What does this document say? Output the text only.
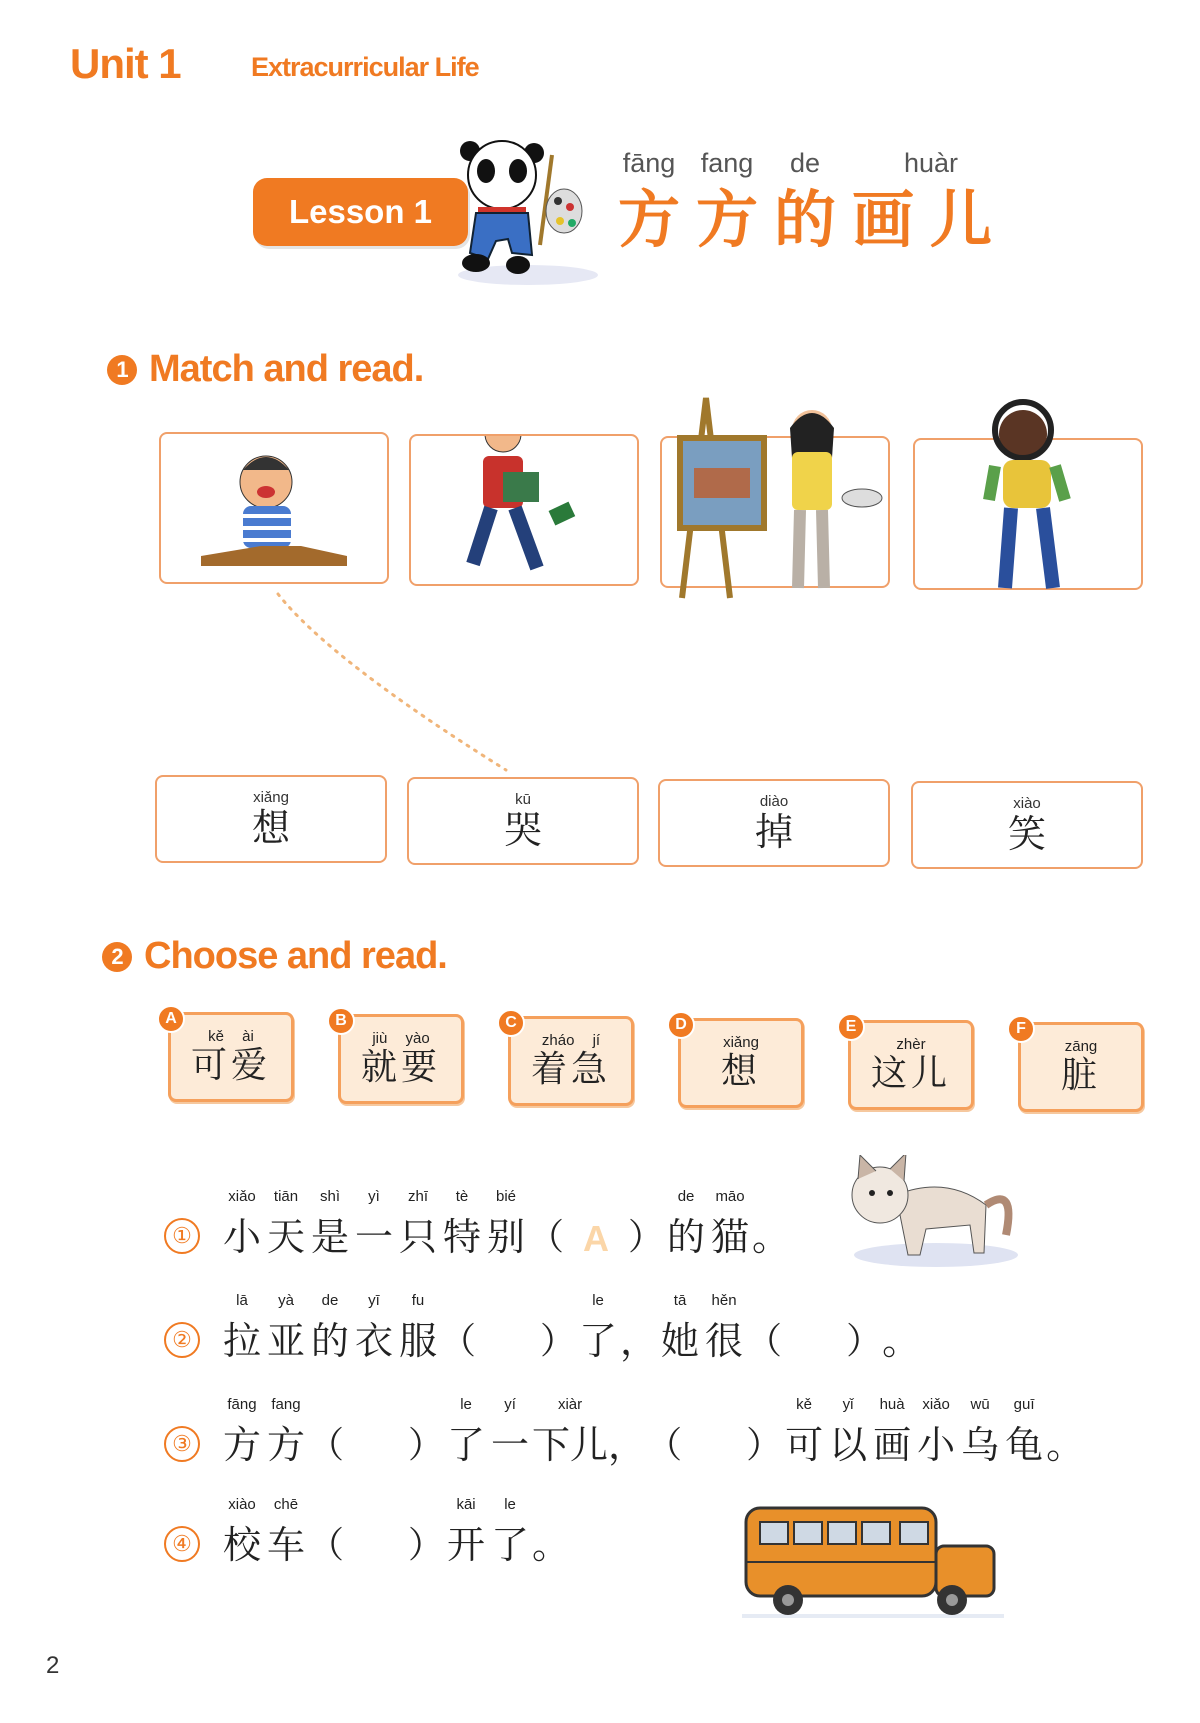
Unit 1	Extracurricular Life
Lesson 1
fāng
方
fang
方
de
的 画
huàr
儿
1 Match and read.
xiǎng
想
kū
哭
diào
掉
xiào
笑
2 Choose and read.
A
kě ài
可爱
B
jiù yào
就要
C
zháo jí
着急
D
xiǎng
想
E
zhèr
这儿
F
zāng
脏
①
xiǎo
小
tiān
天
shì
是
yì
一
zhī
只
tè
特
bié
别 （ A ）
de
的
māo
猫 。
②
lā
拉
yà
亚
de
的
yī
衣
fu
服 （ ）
le
了 ，
tā
她
hěn
很 （ ） 。
③
fāng
方
fang
方 （ ）
le
了
yí
一
xiàr
下儿 ， （ ）
kě
可
yǐ
以
huà
画
xiǎo
小
wū
乌
guī
龟 。
④
xiào
校
chē
车 （ ）
kāi
开
le
了 。
2
